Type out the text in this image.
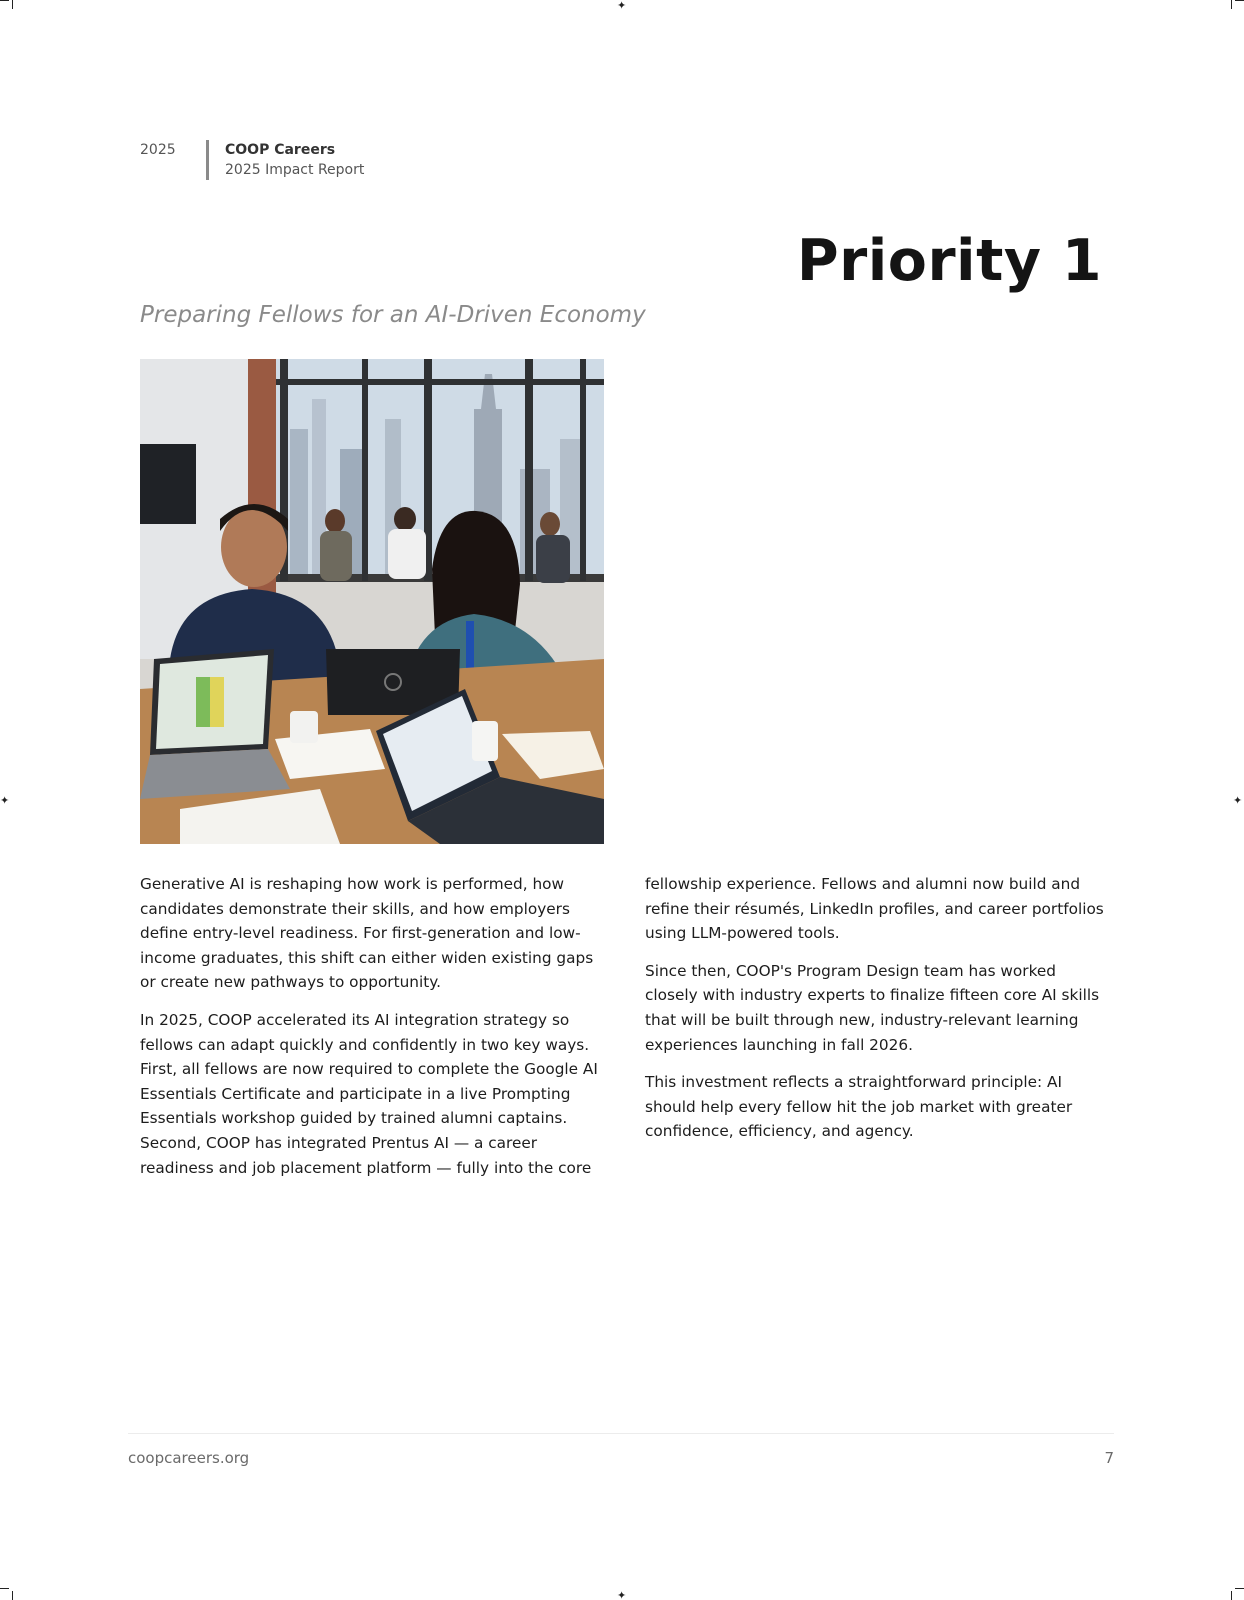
✦
✦
✦	✦
2025	COOP Careers
2025 Impact Report
Priority 1
Preparing Fellows for an AI-Driven Economy

Generative AI is reshaping how work is performed, how candidates demonstrate their skills, and how employers define entry-level readiness. For first-generation and low-income graduates, this shift can either widen existing gaps or create new pathways to opportunity.

In 2025, COOP accelerated its AI integration strategy so fellows can adapt quickly and confidently in two key ways. First, all fellows are now required to complete the Google AI Essentials Certificate and participate in a live Prompting Essentials workshop guided by trained alumni captains. Second, COOP has integrated Prentus AI — a career readiness and job placement platform — fully into the core

fellowship experience. Fellows and alumni now build and refine their résumés, LinkedIn profiles, and career portfolios using LLM-powered tools.

Since then, COOP's Program Design team has worked closely with industry experts to finalize fifteen core AI skills that will be built through new, industry-relevant learning experiences launching in fall 2026.

This investment reflects a straightforward principle: AI should help every fellow hit the job market with greater confidence, efficiency, and agency.

coopcareers.org	7
